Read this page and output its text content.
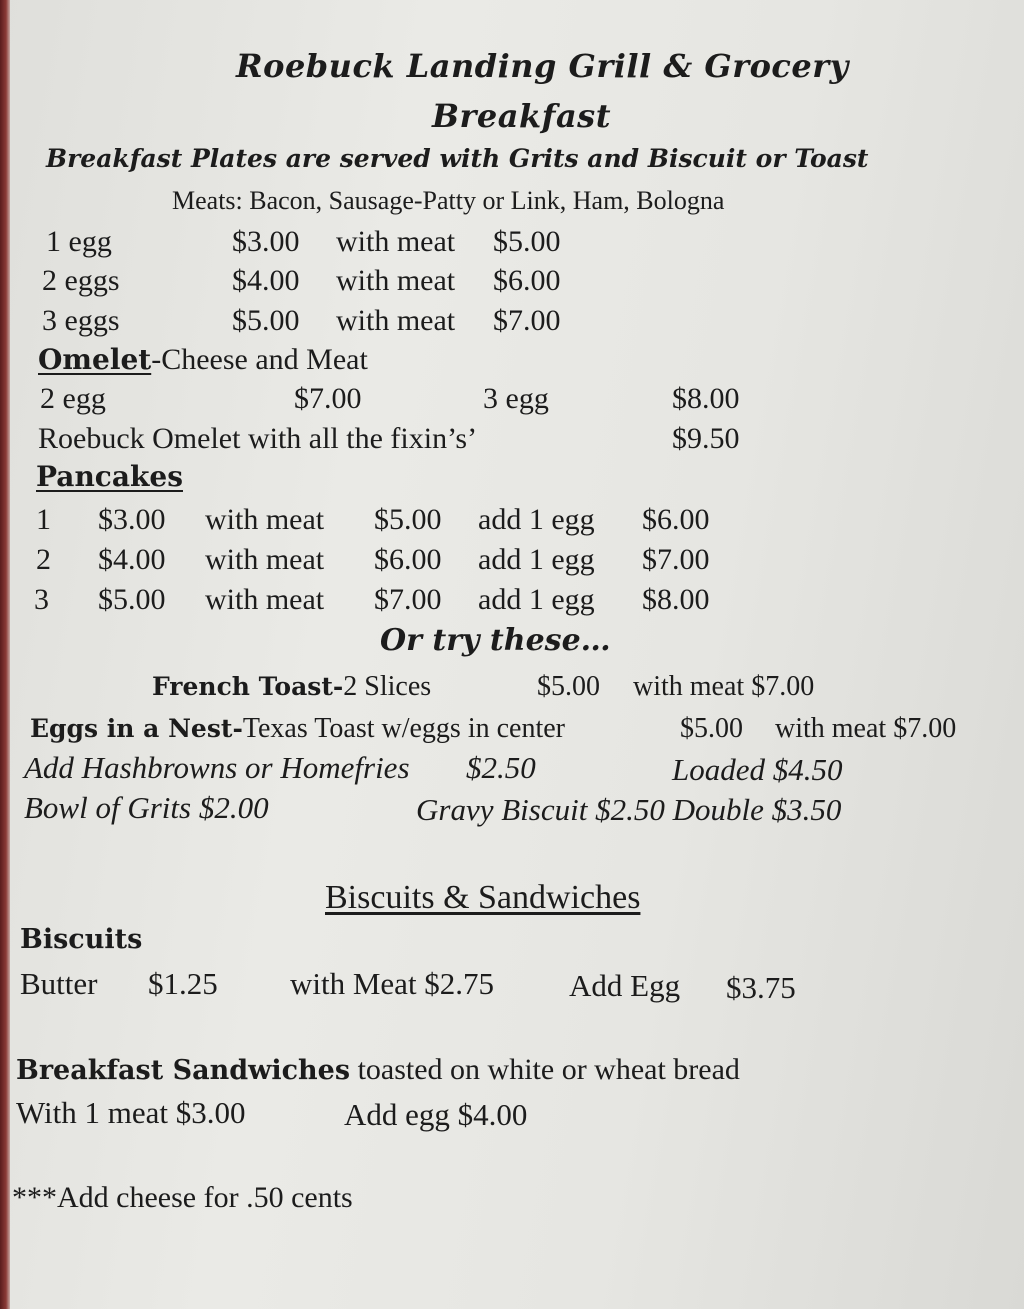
Roebuck Landing Grill & Grocery
Breakfast
Breakfast Plates are served with Grits and Biscuit or Toast
Meats: Bacon, Sausage-Patty or Link, Ham, Bologna
1 egg	$3.00 with meat $5.00
2 eggs	$4.00 with meat $6.00
3 eggs	$5.00 with meat $7.00
Omelet-Cheese and Meat
2 egg	$7.00	3 egg	$8.00
Roebuck Omelet with all the fixin’s’	$9.50
Pancakes
1 $3.00 with meat $5.00 add 1 egg $6.00
2 $4.00 with meat $6.00 add 1 egg $7.00
3 $5.00 with meat $7.00 add 1 egg $8.00
Or try these…
French Toast-2 Slices	$5.00 with meat $7.00
Eggs in a Nest-Texas Toast w/eggs in center	$5.00 with meat $7.00
Add Hashbrowns or Homefries $2.50	Loaded $4.50
Bowl of Grits $2.00	Gravy Biscuit $2.50 Double $3.50
Biscuits & Sandwiches
Biscuits
Butter $1.25 with Meat $2.75 Add Egg $3.75
Breakfast Sandwiches toasted on white or wheat bread
With 1 meat $3.00	Add egg $4.00
***Add cheese for .50 cents
